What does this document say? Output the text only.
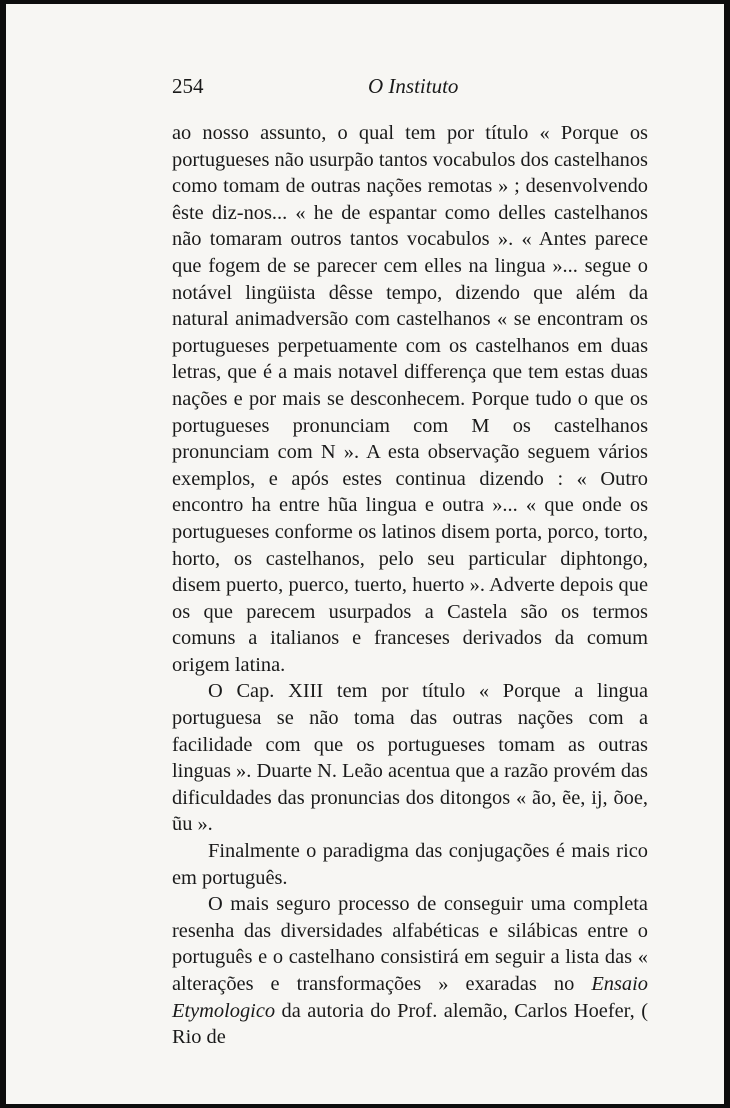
254	O Instituto

ao nosso assunto, o qual tem por título « Porque os portugueses não usurpão tantos vocabulos dos castelhanos como tomam de outras nações remotas » ; desenvolvendo êste diz-nos... « he de espantar como delles castelhanos não tomaram outros tantos vocabulos ». « Antes parece que fogem de se parecer cem elles na lingua »... segue o notável lingüista dêsse tempo, dizendo que além da natural animadversão com castelhanos « se encontram os portugueses perpetuamente com os castelhanos em duas letras, que é a mais notavel differença que tem estas duas nações e por mais se desconhecem. Porque tudo o que os portugueses pronunciam com M os castelhanos pronunciam com N ». A esta observação seguem vários exemplos, e após estes continua dizendo : « Outro encontro ha entre hũa lingua e outra »... « que onde os portugueses conforme os latinos disem porta, porco, torto, horto, os castelhanos, pelo seu particular diphtongo, disem puerto, puerco, tuerto, huerto ». Adverte depois que os que parecem usurpados a Castela são os termos comuns a italianos e franceses derivados da comum origem latina.

O Cap. XIII tem por título « Porque a lingua portuguesa se não toma das outras nações com a facilidade com que os portugueses tomam as outras linguas ». Duarte N. Leão acentua que a razão provém das dificuldades das pronuncias dos ditongos « ão, ẽe, ij, õoe, ũu ».

Finalmente o paradigma das conjugações é mais rico em português.

O mais seguro processo de conseguir uma completa resenha das diversidades alfabéticas e silábicas entre o português e o castelhano consistirá em seguir a lista das « alterações e transformações » exaradas no Ensaio Etymologico da autoria do Prof. alemão, Carlos Hoefer, ( Rio de
